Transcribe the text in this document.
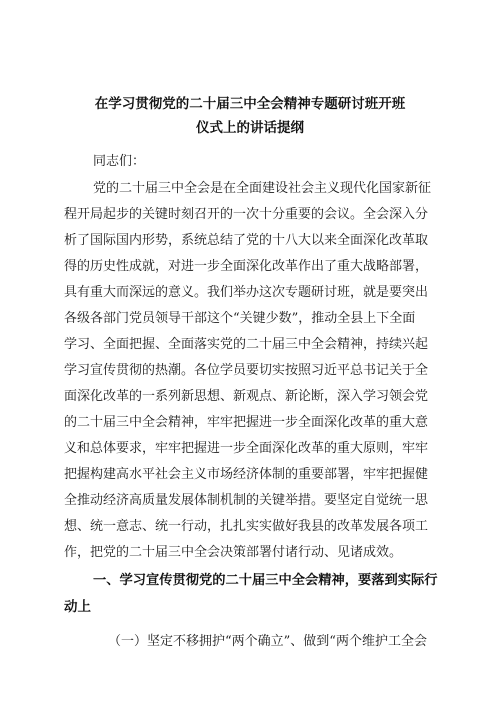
在学习贯彻党的二十届三中全会精神专题研讨班开班
仪式上的讲话提纲
同志们：
党的二十届三中全会是在全面建设社会主义现代化国家新征
程开局起步的关键时刻召开的一次十分重要的会议。全会深入分
析了国际国内形势，系统总结了党的十八大以来全面深化改革取
得的历史性成就，对进一步全面深化改革作出了重大战略部署，
具有重大而深远的意义。我们举办这次专题研讨班，就是要突出
各级各部门党员领导干部这个“关键少数”，推动全县上下全面
学习、全面把握、全面落实党的二十届三中全会精神，持续兴起
学习宣传贯彻的热潮。各位学员要切实按照习近平总书记关于全
面深化改革的一系列新思想、新观点、新论断，深入学习领会党
的二十届三中全会精神，牢牢把握进一步全面深化改革的重大意
义和总体要求，牢牢把握进一步全面深化改革的重大原则，牢牢
把握构建高水平社会主义市场经济体制的重要部署，牢牢把握健
全推动经济高质量发展体制机制的关键举措。要坚定自觉统一思
想、统一意志、统一行动，扎扎实实做好我县的改革发展各项工
作，把党的二十届三中全会决策部署付诸行动、见诸成效。
一、学习宣传贯彻党的二十届三中全会精神，要落到实际行
动上
（一）坚定不移拥护“两个确立”、做到“两个维护工全会
